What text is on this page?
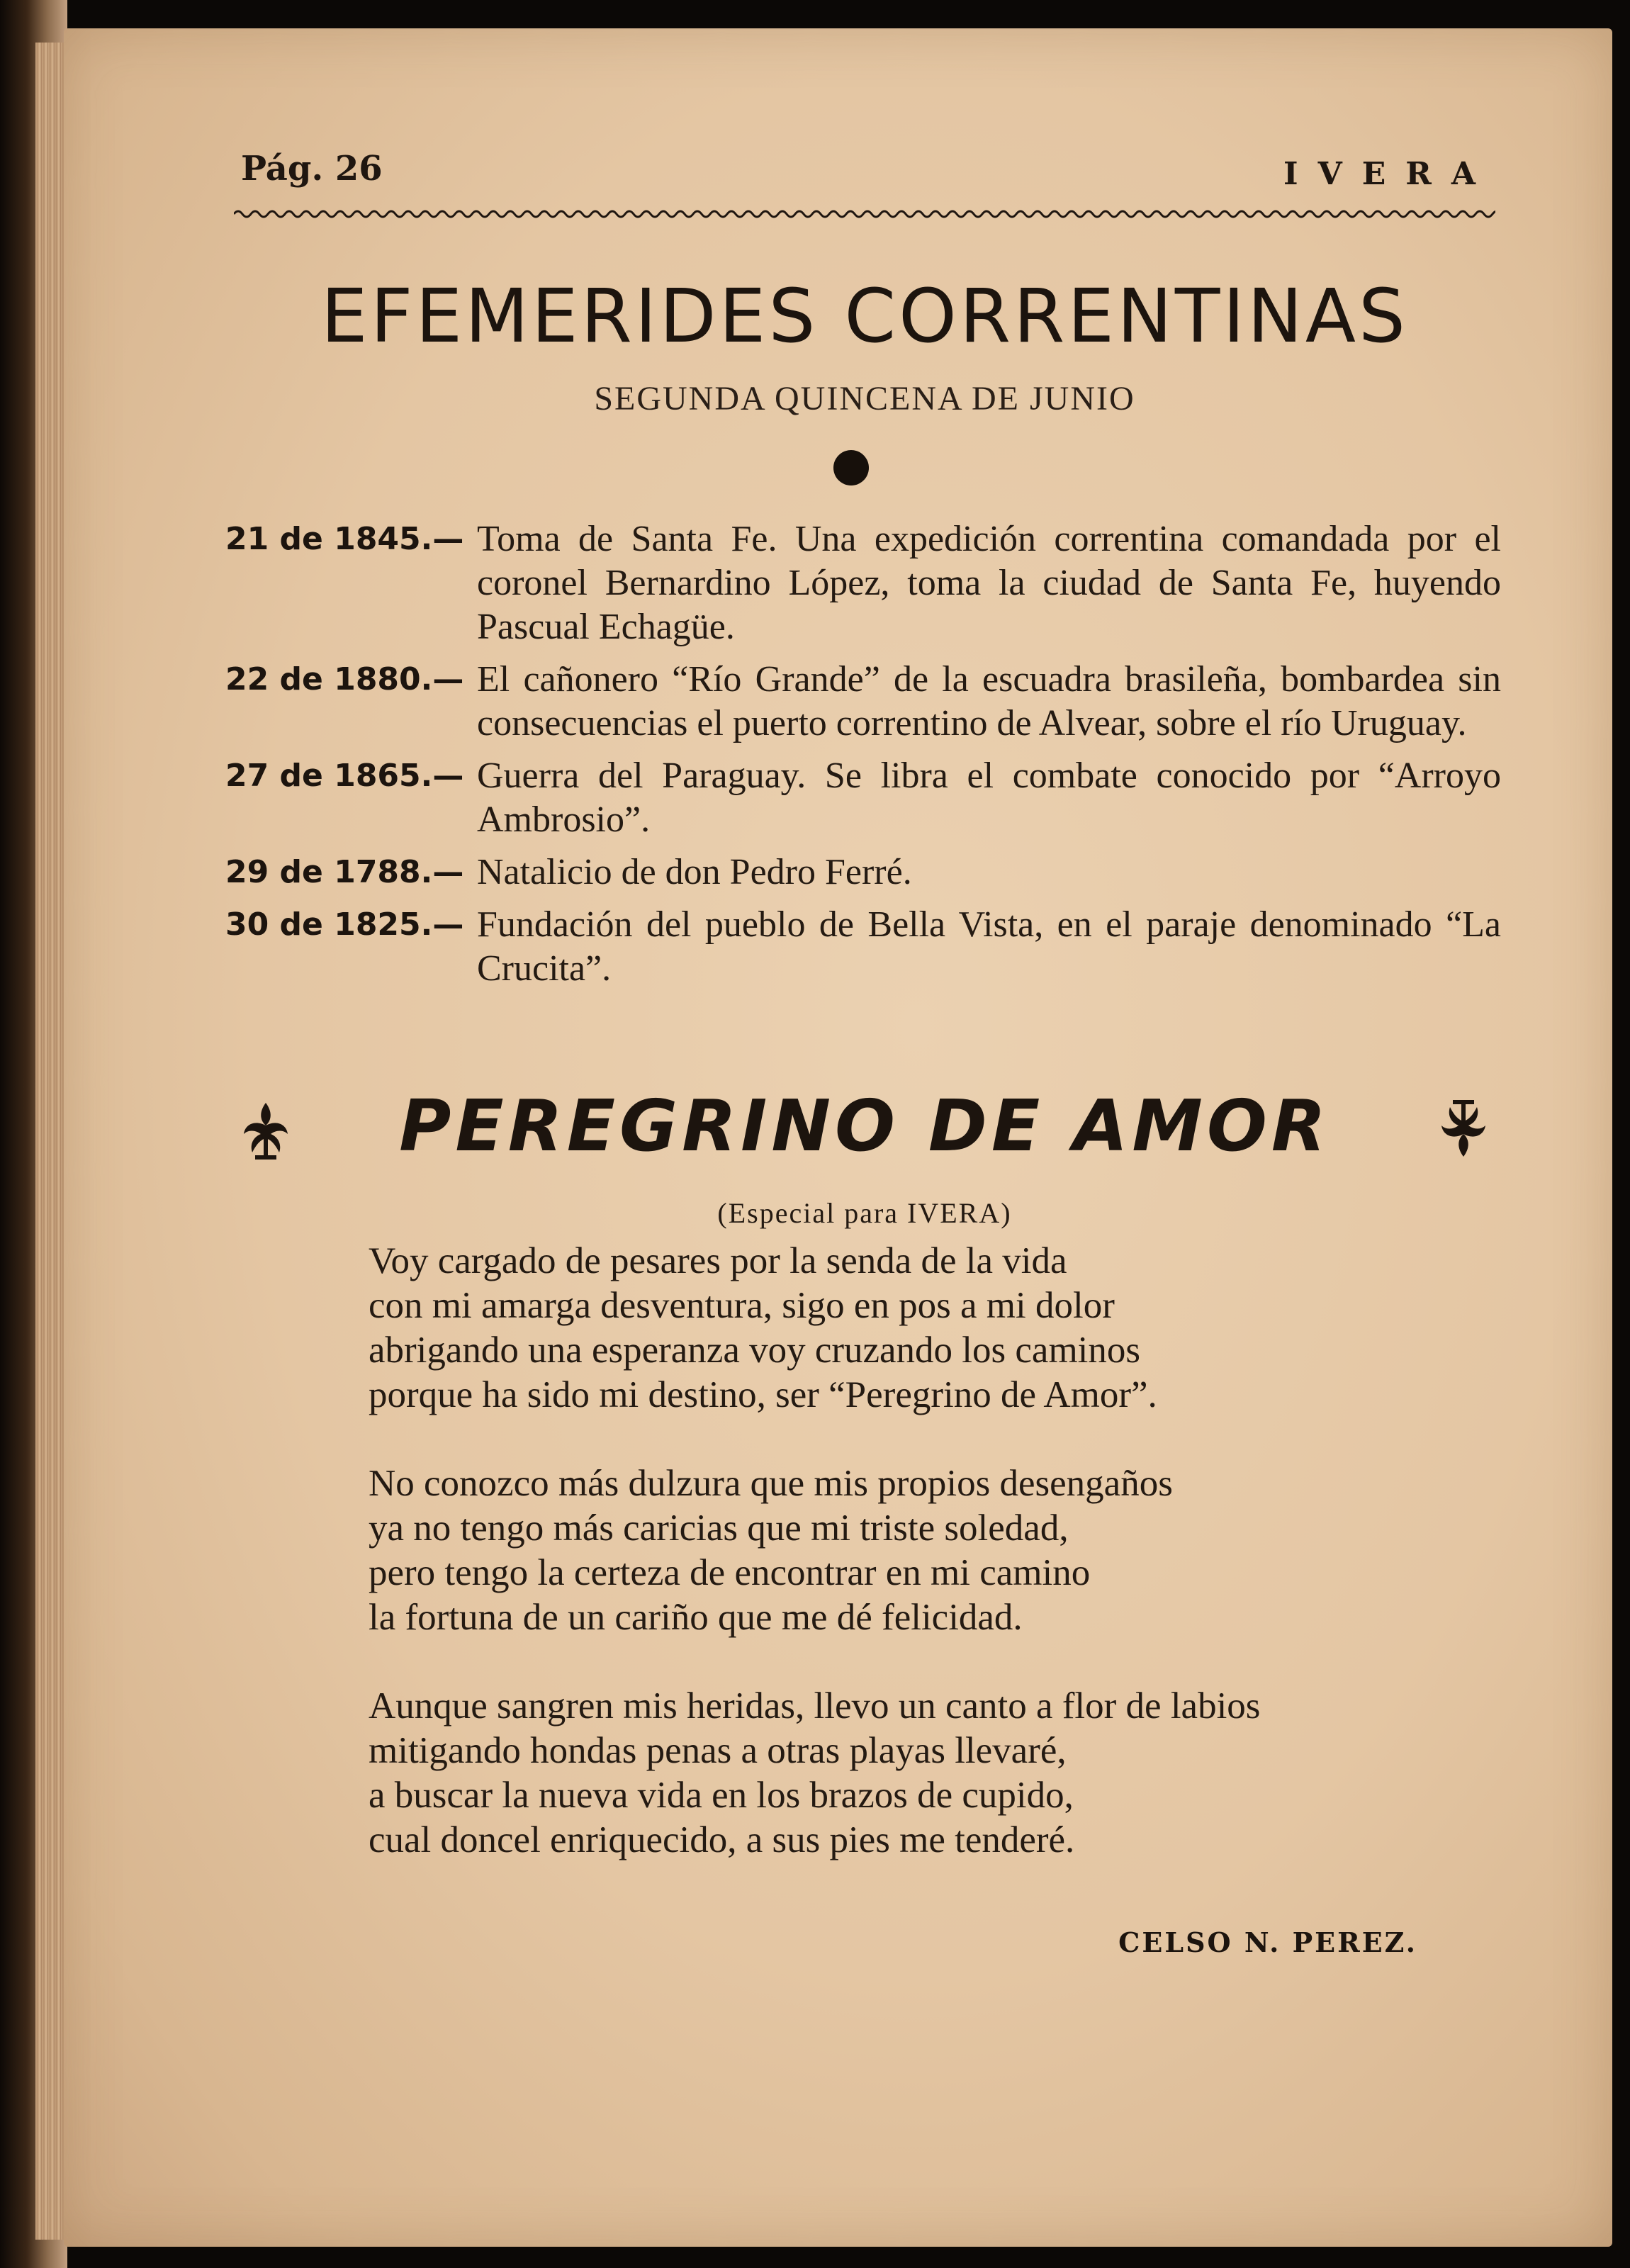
Pág. 26	IVERA
EFEMERIDES CORRENTINAS
SEGUNDA QUINCENA DE JUNIO
21 de 1845.— Toma de Santa Fe. Una expedición correntina comandada por el coronel Bernardino López, toma la ciudad de Santa Fe, huyendo Pascual Echagüe.
22 de 1880.— El cañonero “Río Grande” de la escuadra brasileña, bombardea sin consecuencias el puerto correntino de Alvear, sobre el río Uruguay.
27 de 1865.— Guerra del Paraguay. Se libra el combate conocido por “Arroyo Ambrosio”.
29 de 1788.— Natalicio de don Pedro Ferré.
30 de 1825.— Fundación del pueblo de Bella Vista, en el paraje denominado “La Crucita”.
PEREGRINO DE AMOR
(Especial para IVERA)
Voy cargado de pesares por la senda de la vida
con mi amarga desventura, sigo en pos a mi dolor
abrigando una esperanza voy cruzando los caminos
porque ha sido mi destino, ser “Peregrino de Amor”.
No conozco más dulzura que mis propios desengaños
ya no tengo más caricias que mi triste soledad,
pero tengo la certeza de encontrar en mi camino
la fortuna de un cariño que me dé felicidad.
Aunque sangren mis heridas, llevo un canto a flor de labios
mitigando hondas penas a otras playas llevaré,
a buscar la nueva vida en los brazos de cupido,
cual doncel enriquecido, a sus pies me tenderé.
CELSO N. PEREZ.
